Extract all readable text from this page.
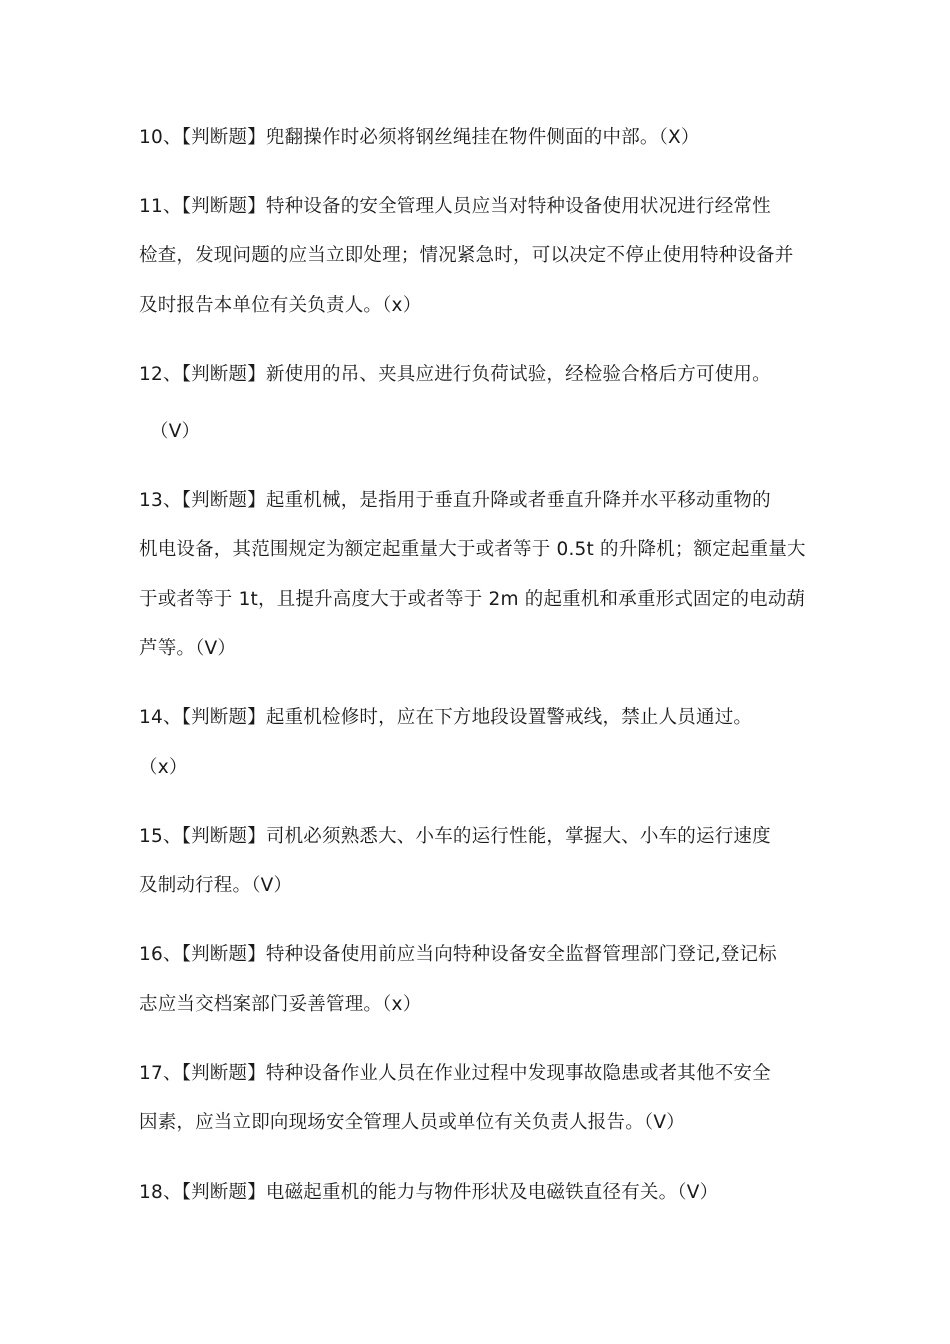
10、【判断题】兜翻操作时必须将钢丝绳挂在物件侧面的中部。（X）
11、【判断题】特种设备的安全管理人员应当对特种设备使用状况进行经常性
检查，发现问题的应当立即处理；情况紧急时，可以决定不停止使用特种设备并
及时报告本单位有关负责人。（x）
12、【判断题】新使用的吊、夹具应进行负荷试验，经检验合格后方可使用。
（V）
13、【判断题】起重机械，是指用于垂直升降或者垂直升降并水平移动重物的
机电设备，其范围规定为额定起重量大于或者等于 0.5t 的升降机；额定起重量大
于或者等于 1t，且提升高度大于或者等于 2m 的起重机和承重形式固定的电动葫
芦等。（V）
14、【判断题】起重机检修时，应在下方地段设置警戒线，禁止人员通过。
（x）
15、【判断题】司机必须熟悉大、小车的运行性能，掌握大、小车的运行速度
及制动行程。（V）
16、【判断题】特种设备使用前应当向特种设备安全监督管理部门登记,登记标
志应当交档案部门妥善管理。（x）
17、【判断题】特种设备作业人员在作业过程中发现事故隐患或者其他不安全
因素，应当立即向现场安全管理人员或单位有关负责人报告。（V）
18、【判断题】电磁起重机的能力与物件形状及电磁铁直径有关。（V）
